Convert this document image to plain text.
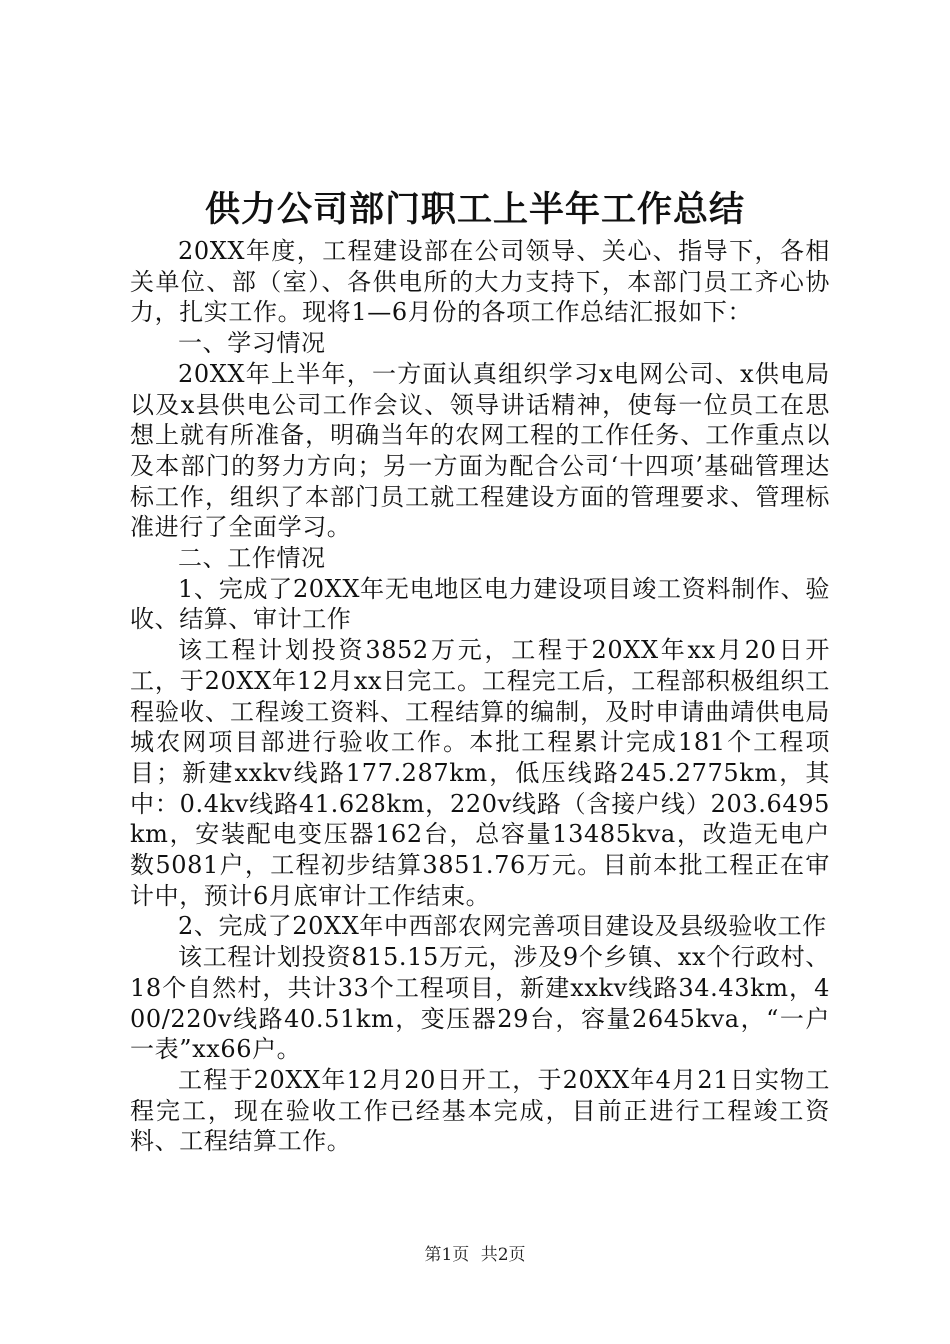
供力公司部门职工上半年工作总结

20XX年度，工程建设部在公司领导、关心、指导下，各相关单位、部（室）、各供电所的大力支持下，本部门员工齐心协力，扎实工作。现将1—6月份的各项工作总结汇报如下：

一、学习情况

20XX年上半年，一方面认真组织学习x电网公司、x供电局以及x县供电公司工作会议、领导讲话精神，使每一位员工在思想上就有所准备，明确当年的农网工程的工作任务、工作重点以及本部门的努力方向；另一方面为配合公司‘十四项’基础管理达标工作，组织了本部门员工就工程建设方面的管理要求、管理标准进行了全面学习。

二、工作情况

1、完成了20XX年无电地区电力建设项目竣工资料制作、验收、结算、审计工作

该工程计划投资3852万元，工程于20XX年xx月20日开工，于20XX年12月xx日完工。工程完工后，工程部积极组织工程验收、工程竣工资料、工程结算的编制，及时申请曲靖供电局城农网项目部进行验收工作。本批工程累计完成181个工程项目；新建xxkv线路177.287km，低压线路245.2775km，其中：0.4kv线路41.628km，220v线路（含接户线）203.6495km，安装配电变压器162台，总容量13485kva，改造无电户数5081户，工程初步结算3851.76万元。目前本批工程正在审计中，预计6月底审计工作结束。

2、完成了20XX年中西部农网完善项目建设及县级验收工作

该工程计划投资815.15万元，涉及9个乡镇、xx个行政村、18个自然村，共计33个工程项目，新建xxkv线路34.43km，400/220v线路40.51km，变压器29台，容量2645kva，“一户一表”xx66户。

工程于20XX年12月20日开工，于20XX年4月21日实物工程完工，现在验收工作已经基本完成，目前正进行工程竣工资料、工程结算工作。

第1页 共2页
